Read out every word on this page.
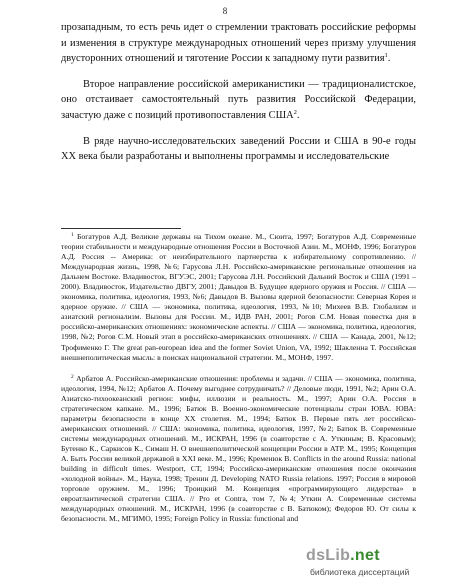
8

прозападным, то есть речь идет о стремлении трактовать российские реформы и изменения в структуре международных отношений через призму улучшения двусторонних отношений и тяготение России к западному пути развития$^1$.

Второе направление российской американистики — традиционалистское, оно отстаивает самостоятельный путь развития Российской Федерации, зачастую даже с позиций противопоставления США$^2$.

В ряде научно-исследовательских заведений России и США в 90-е годы XX века были разработаны и выполнены программы и исследовательские

$^1$ Богатуров А.Д. Великие державы на Тихом океане. М., Сюита, 1997; Богатуров А.Д. Современные теории стабильности и международные отношения России в Восточной Азии. М., МОНФ, 1996; Богатуров А.Д. Россия -- Америка: от неизбирательного партнерства к избирательному сопротивлению. // Международная жизнь, 1998, №6; Гарусова Л.Н. Российско-американские региональные отношения на Дальнем Востоке. Владивосток, ВГУЭС, 2001; Гарусова Л.Н. Российский Дальний Восток и США (1991 – 2000). Владивосток, Издательство ДВГУ, 2001; Давыдов В. Будущее ядерного оружия и Россия. // США — экономика, политика, идеология, 1993, №6; Давыдов В. Вызовы ядерной безопасности: Северная Корея и ядерное оружие. // США — экономика, политика, идеология, 1993, №10; Михеев В.В. Глобализм и азиатский регионализм. Вызовы для России. М., ИДВ РАН, 2001; Рогов С.М. Новая повестка дня в российско-американских отношениях: экономические аспекты. // США — экономика, политика, идеология, 1998, №2; Рогов С.М. Новый этап в российско-американских отношениях. // США — Канада, 2001, №12; Трофименко Г. The great pan-european idea and the former Soviet Union, VA, 1992; Шакленна Т. Российская внешнеполитическая мысль: в поисках национальной стратегии. М., МОНФ, 1997.

$^2$ Арбатов А. Российско-американские отношения: проблемы и задачи. // США — экономика, политика, идеология, 1994, №12; Арбатов А. Почему выгоднее сотрудничать? // Деловые люди, 1991, №2; Арин О.А. Азиатско-тихоокеанский регион: мифы, иллюзии и реальность. М., 1997; Арин О.А. Россия в стратегическом капкане. М., 1996; Батюк В. Военно-экономические потенциалы стран ЮВА. ЮВА: параметры безопасности в конце XX столетия. М., 1994; Батюк В. Первые пять лет российско-американских отношений. // США: экономика, политика, идеология, 1997, №2; Батюк В. Современные системы международных отношений. М., ИСКРАН, 1996 (в соавторстве с А. Уткиным; В. Красовым); Бутенко К., Саркисов К., Симаш Н. О внешнеполитической концепции России в АТР. М., 1995; Концепция А. Быть России великой державой в XXI веке. М., 1996; Кременюк В. Conflicts in the around Russia: national building in difficult times. Westport, CT, 1994; Российско-американские отношения после окончания «холодной войны». М., Наука, 1998; Тренин Д. Developing NATO Russia relations. 1997; Россия в мировой торговле оружием. М., 1996; Троицкий М. Концепция «программирующего лидерства» в евроатлантической стратегии США. // Pro et Contra, том 7, №4; Уткин А. Современные системы международных отношений. М., ИСКРАН, 1996 (в соавторстве с В. Батюком); Федоров Ю. От силы к безопасности. М., МГИМО, 1995; Foreign Policy in Russia: functional and

dsLib.net
библиотека диссертаций
